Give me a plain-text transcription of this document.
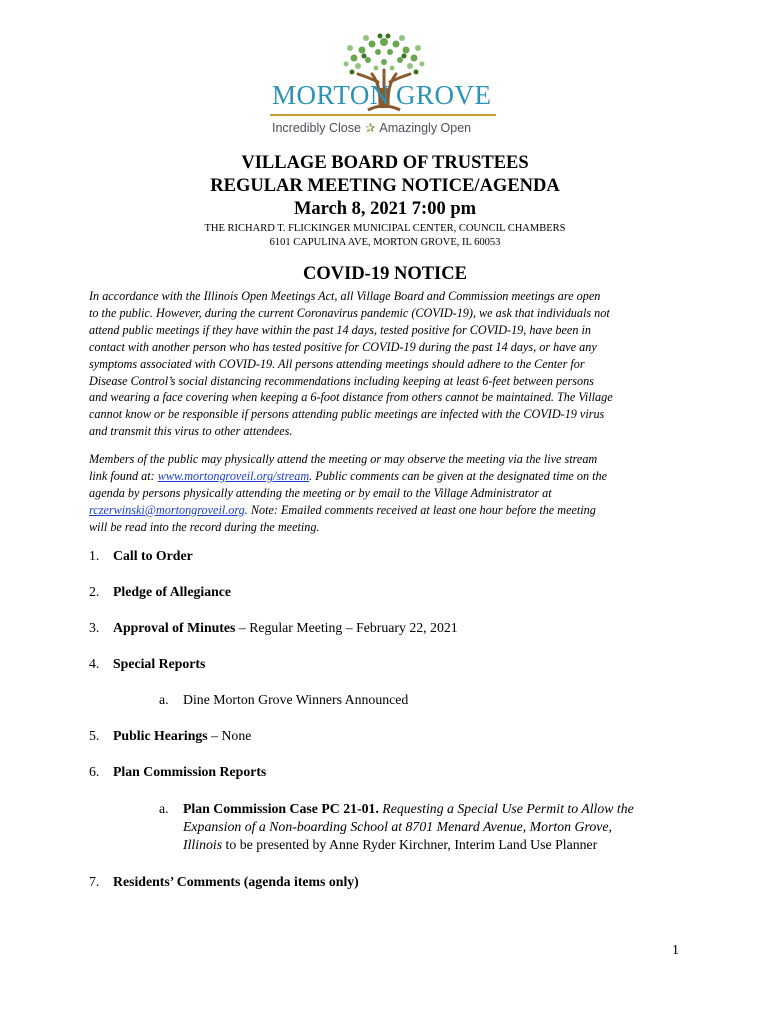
MORTON GROVE
Incredibly Close ✰ Amazingly Open
VILLAGE BOARD OF TRUSTEES
REGULAR MEETING NOTICE/AGENDA
March 8, 2021 7:00 pm
THE RICHARD T. FLICKINGER MUNICIPAL CENTER, COUNCIL CHAMBERS
6101 CAPULINA AVE, MORTON GROVE, IL 60053
COVID-19 NOTICE
In accordance with the Illinois Open Meetings Act, all Village Board and Commission meetings are open
to the public. However, during the current Coronavirus pandemic (COVID-19), we ask that individuals not
attend public meetings if they have within the past 14 days, tested positive for COVID-19, have been in
contact with another person who has tested positive for COVID-19 during the past 14 days, or have any
symptoms associated with COVID-19. All persons attending meetings should adhere to the Center for
Disease Control’s social distancing recommendations including keeping at least 6-feet between persons
and wearing a face covering when keeping a 6-foot distance from others cannot be maintained. The Village
cannot know or be responsible if persons attending public meetings are infected with the COVID-19 virus
and transmit this virus to other attendees.
Members of the public may physically attend the meeting or may observe the meeting via the live stream
link found at: www.mortongroveil.org/stream. Public comments can be given at the designated time on the
agenda by persons physically attending the meeting or by email to the Village Administrator at
rczerwinski@mortongroveil.org. Note: Emailed comments received at least one hour before the meeting
will be read into the record during the meeting.
1. Call to Order
2. Pledge of Allegiance
3. Approval of Minutes – Regular Meeting – February 22, 2021
4. Special Reports
a. Dine Morton Grove Winners Announced
5. Public Hearings – None
6. Plan Commission Reports
a. Plan Commission Case PC 21-01. Requesting a Special Use Permit to Allow the
Expansion of a Non-boarding School at 8701 Menard Avenue, Morton Grove,
Illinois to be presented by Anne Ryder Kirchner, Interim Land Use Planner
7. Residents’ Comments (agenda items only)
1
